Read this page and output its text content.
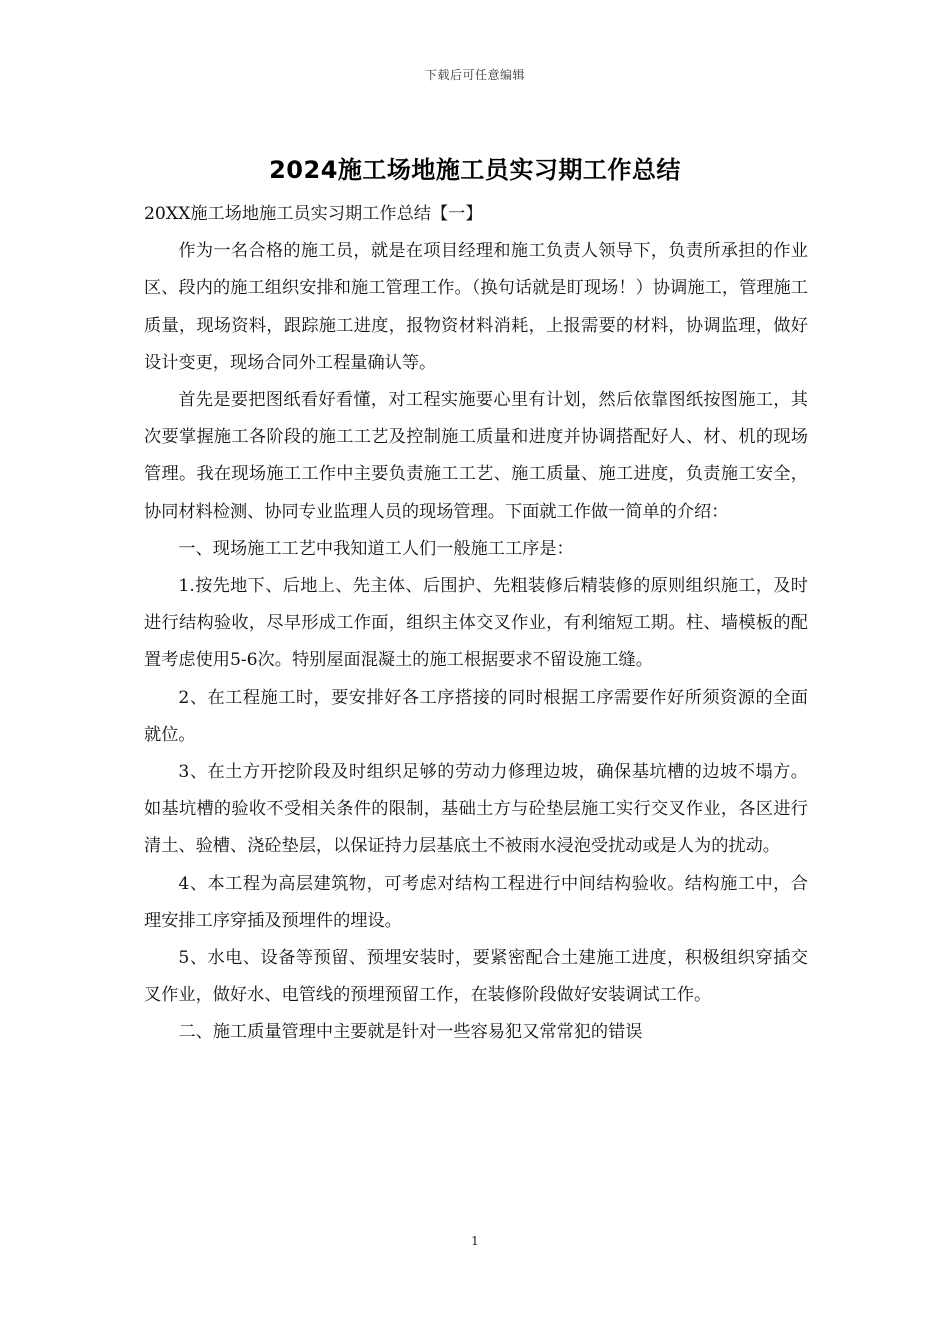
下载后可任意编辑
2024施工场地施工员实习期工作总结

20XX施工场地施工员实习期工作总结【一】

作为一名合格的施工员，就是在项目经理和施工负责人领导下，负责所承担的作业区、段内的施工组织安排和施工管理工作。（换句话就是盯现场！）协调施工，管理施工质量，现场资料，跟踪施工进度，报物资材料消耗，上报需要的材料，协调监理，做好设计变更，现场合同外工程量确认等。

首先是要把图纸看好看懂，对工程实施要心里有计划，然后依靠图纸按图施工，其次要掌握施工各阶段的施工工艺及控制施工质量和进度并协调搭配好人、材、机的现场管理。我在现场施工工作中主要负责施工工艺、施工质量、施工进度，负责施工安全，协同材料检测、协同专业监理人员的现场管理。下面就工作做一简单的介绍：

一、现场施工工艺中我知道工人们一般施工工序是：

1.按先地下、后地上、先主体、后围护、先粗装修后精装修的原则组织施工，及时进行结构验收，尽早形成工作面，组织主体交叉作业，有利缩短工期。柱、墙模板的配置考虑使用5-6次。特别屋面混凝土的施工根据要求不留设施工缝。

2、在工程施工时，要安排好各工序搭接的同时根据工序需要作好所须资源的全面就位。

3、在土方开挖阶段及时组织足够的劳动力修理边坡，确保基坑槽的边坡不塌方。如基坑槽的验收不受相关条件的限制，基础土方与砼垫层施工实行交叉作业，各区进行清土、验槽、浇砼垫层，以保证持力层基底土不被雨水浸泡受扰动或是人为的扰动。

4、本工程为高层建筑物，可考虑对结构工程进行中间结构验收。结构施工中，合理安排工序穿插及预埋件的埋设。

5、水电、设备等预留、预埋安装时，要紧密配合土建施工进度，积极组织穿插交叉作业，做好水、电管线的预埋预留工作，在装修阶段做好安装调试工作。

二、施工质量管理中主要就是针对一些容易犯又常常犯的错误

1
